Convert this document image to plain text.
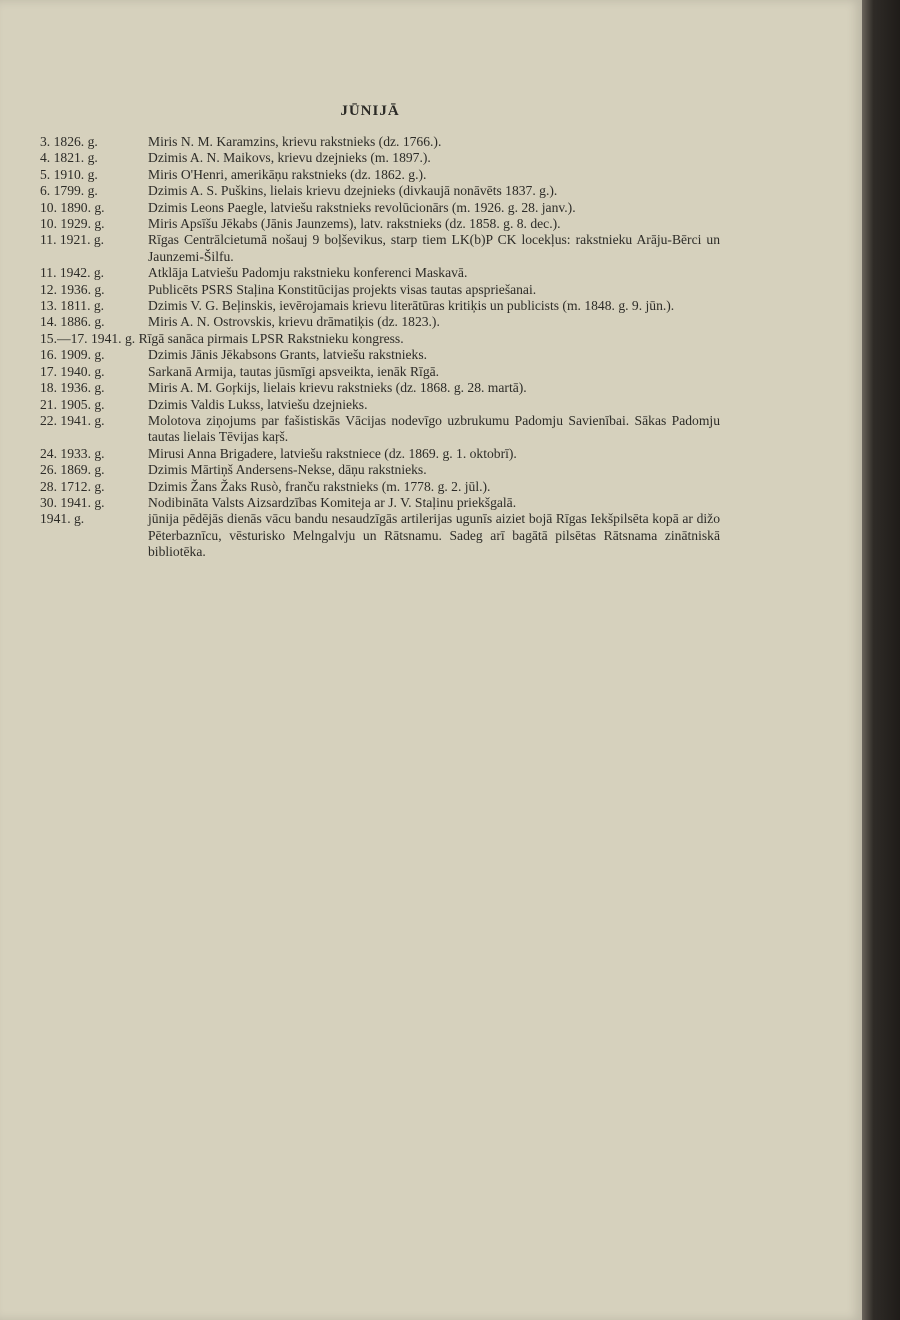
JŪNIJĀ
3. 1826. g.	Miris N. M. Karamzins, krievu rakstnieks (dz. 1766.).
4. 1821. g.	Dzimis A. N. Maikovs, krievu dzejnieks (m. 1897.).
5. 1910. g.	Miris O'Henri, amerikāņu rakstnieks (dz. 1862. g.).
6. 1799. g.	Dzimis A. S. Puškins, lielais krievu dzejnieks (divkaujā nonāvēts 1837. g.).
10. 1890. g.	Dzimis Leons Paegle, latviešu rakstnieks revolūcionārs (m. 1926. g. 28. janv.).
10. 1929. g.	Miris Apsīšu Jēkabs (Jānis Jaunzems), latv. rakstnieks (dz. 1858. g. 8. dec.).
11. 1921. g.	Rīgas Centrālcietumā nošauj 9 boļševikus, starp tiem LK(b)P CK locekļus: rakstnieku Arāju-Bērci un Jaunzemi-Šilfu.
11. 1942. g.	Atklāja Latviešu Padomju rakstnieku konferenci Maskavā.
12. 1936. g.	Publicēts PSRS Staļina Konstitūcijas projekts visas tautas apspriešanai.
13. 1811. g.	Dzimis V. G. Beļinskis, ievērojamais krievu literātūras kritiķis un publicists (m. 1848. g. 9. jūn.).
14. 1886. g.	Miris A. N. Ostrovskis, krievu drāmatiķis (dz. 1823.).
15.—17. 1941. g. Rīgā sanāca pirmais LPSR Rakstnieku kongress.
16. 1909. g.	Dzimis Jānis Jēkabsons Grants, latviešu rakstnieks.
17. 1940. g.	Sarkanā Armija, tautas jūsmīgi apsveikta, ienāk Rīgā.
18. 1936. g.	Miris A. M. Goŗkijs, lielais krievu rakstnieks (dz. 1868. g. 28. martā).
21. 1905. g.	Dzimis Valdis Lukss, latviešu dzejnieks.
22. 1941. g.	Molotova ziņojums par fašistiskās Vācijas nodevīgo uzbrukumu Padomju Savienībai. Sākas Padomju tautas lielais Tēvijas kaŗš.
24. 1933. g.	Mirusi Anna Brigadere, latviešu rakstniece (dz. 1869. g. 1. oktobrī).
26. 1869. g.	Dzimis Mārtiņš Andersens-Nekse, dāņu rakstnieks.
28. 1712. g.	Dzimis Žans Žaks Rusò, franču rakstnieks (m. 1778. g. 2. jūl.).
30. 1941. g.	Nodibināta Valsts Aizsardzības Komiteja ar J. V. Staļinu priekšgalā.
1941. g.	jūnija pēdējās dienās vācu bandu nesaudzīgās artilerijas ugunīs aiziet bojā Rīgas Iekšpilsēta kopā ar dižo Pēterbaznīcu, vēsturisko Melngalvju un Rātsnamu. Sadeg arī bagātā pilsētas Rātsnama zinātniskā bibliotēka.
